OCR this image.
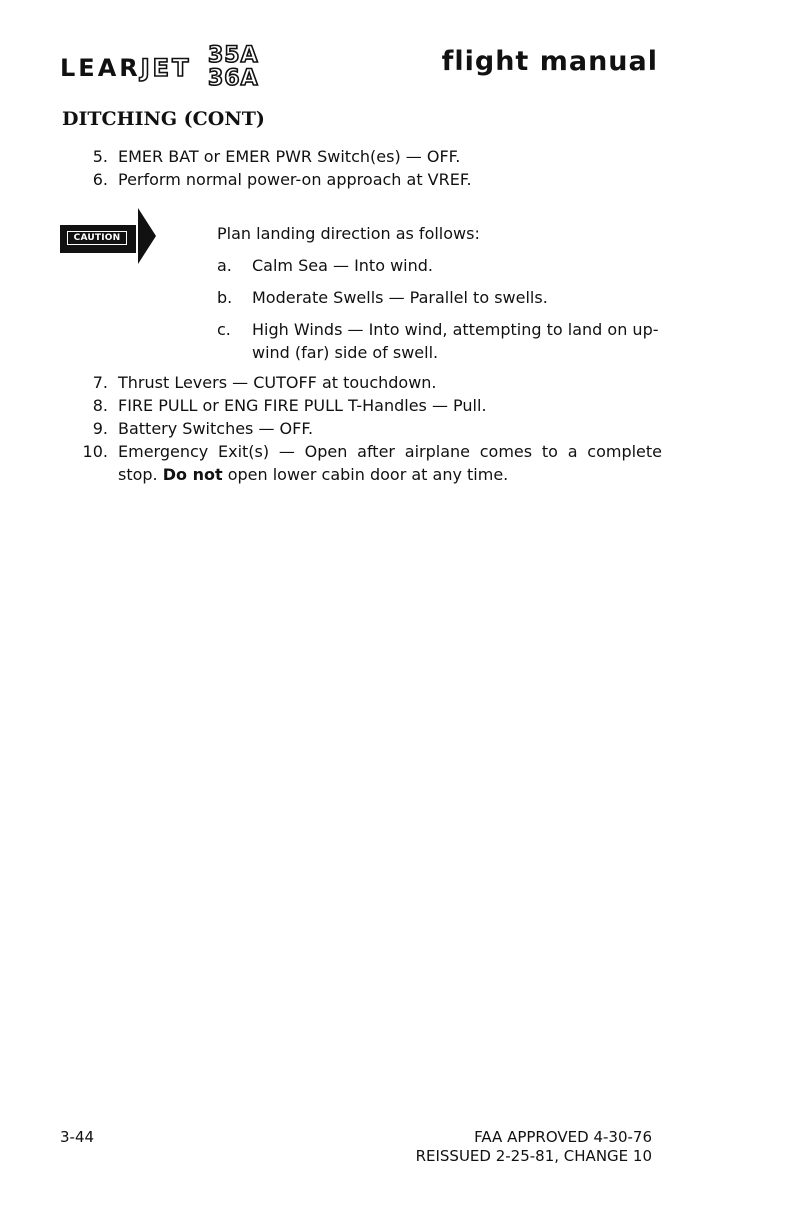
LEARJET 35A
36A
flight manual
DITCHING (CONT)
5. EMER BAT or EMER PWR Switch(es) — OFF.
6. Perform normal power-on approach at VREF.
CAUTION	Plan landing direction as follows:

a. Calm Sea — Into wind.
b. Moderate Swells — Parallel to swells.
c. High Winds — Into wind, attempting to land on up-wind (far) side of swell.
7. Thrust Levers — CUTOFF at touchdown.
8. FIRE PULL or ENG FIRE PULL T-Handles — Pull.
9. Battery Switches — OFF.
10. Emergency Exit(s) — Open after airplane comes to a complete stop. Do not open lower cabin door at any time.
3-44	FAA APPROVED 4-30-76
REISSUED 2-25-81, CHANGE 10
